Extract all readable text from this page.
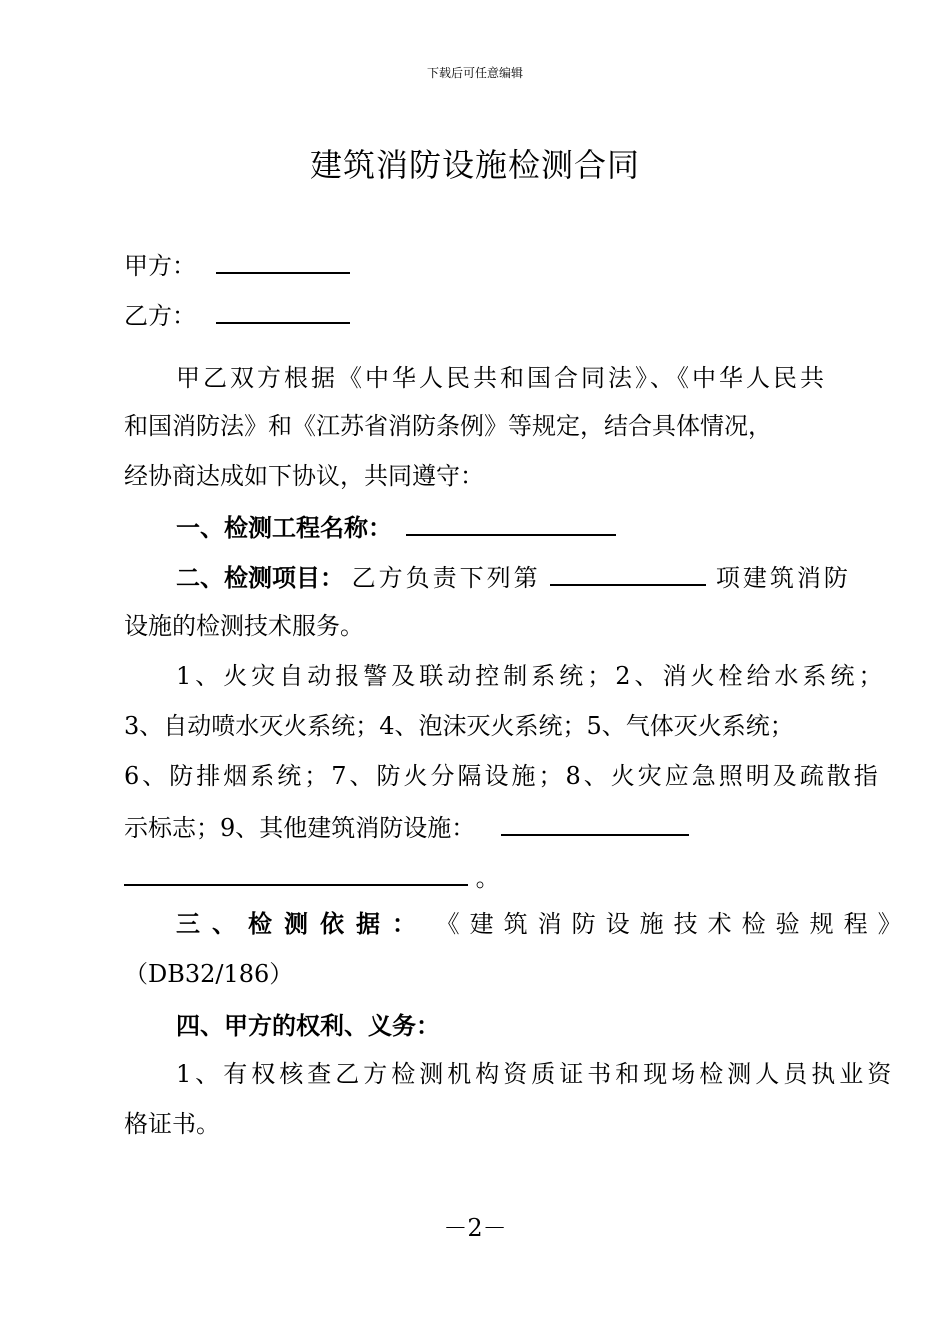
下载后可任意编辑
建筑消防设施检测合同
甲方：
乙方：
甲乙双方根据《中华人民共和国合同法》、《中华人民共
和国消防法》和《江苏省消防条例》等规定，结合具体情况，
经协商达成如下协议，共同遵守：
一、检测工程名称：
二、检测项目： 乙方负责下列第	项建筑消防
设施的检测技术服务。
1、火灾自动报警及联动控制系统；2、消火栓给水系统；
3、自动喷水灭火系统；4、泡沫灭火系统；5、气体灭火系统；
6、防排烟系统；7、防火分隔设施；8、火灾应急照明及疏散指
示标志；9、其他建筑消防设施：
。
三、检测依据： 《建筑消防设施技术检验规程》
（DB32/186）
四、甲方的权利、义务：
1、有权核查乙方检测机构资质证书和现场检测人员执业资
格证书。
－2－
